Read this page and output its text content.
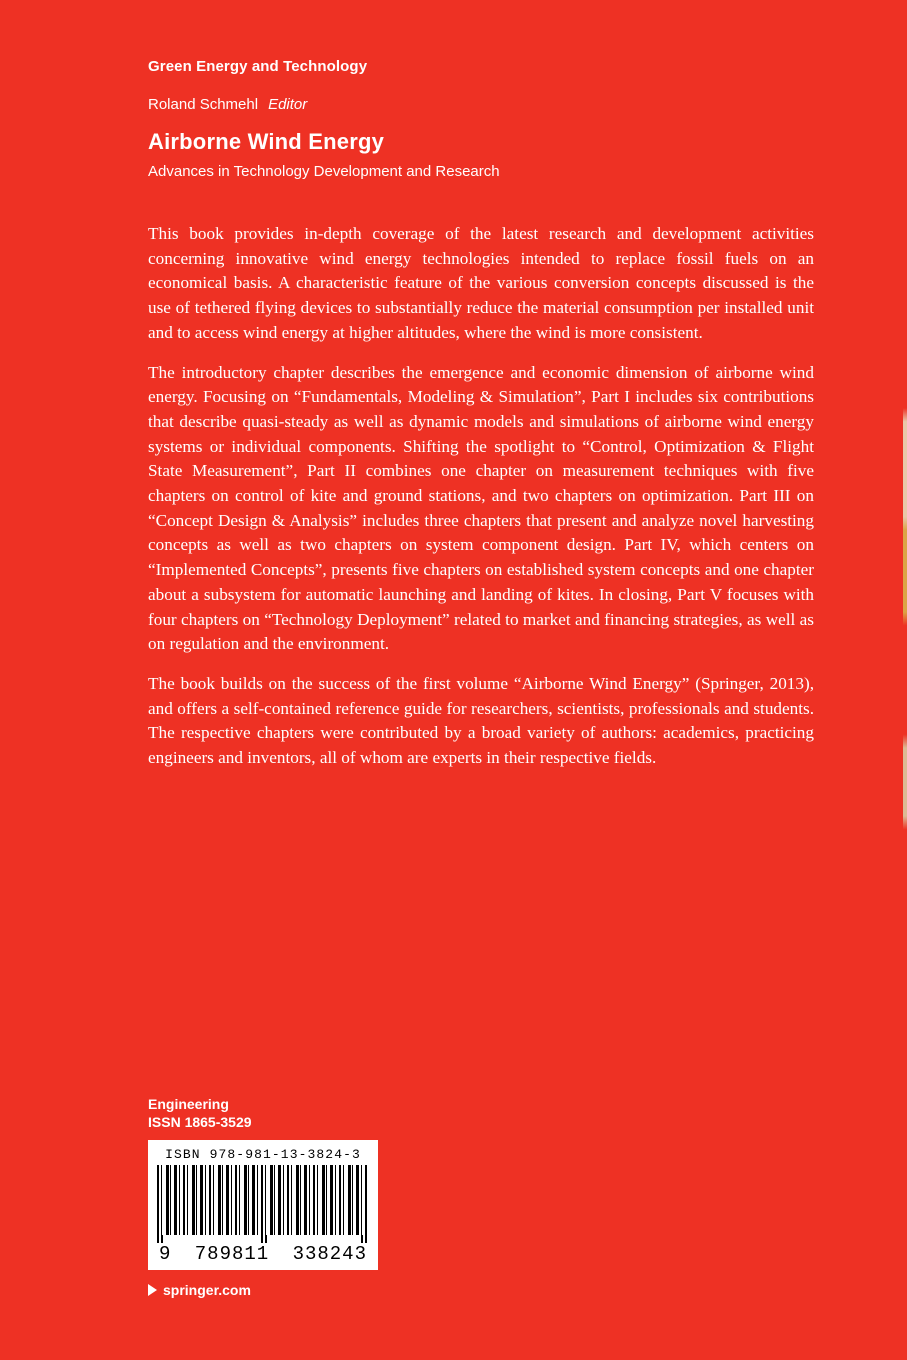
Green Energy and Technology
Roland Schmehl Editor
Airborne Wind Energy
Advances in Technology Development and Research

This book provides in-depth coverage of the latest research and development activities concerning innovative wind energy technologies intended to replace fossil fuels on an economical basis. A characteristic feature of the various conversion concepts discussed is the use of tethered flying devices to substantially reduce the material consumption per installed unit and to access wind energy at higher altitudes, where the wind is more consistent.

The introductory chapter describes the emergence and economic dimension of airborne wind energy. Focusing on “Fundamentals, Modeling & Simulation”, Part I includes six contributions that describe quasi-steady as well as dynamic models and simulations of airborne wind energy systems or individual components. Shifting the spotlight to “Control, Optimization & Flight State Measurement”, Part II combines one chapter on measurement techniques with five chapters on control of kite and ground stations, and two chapters on optimization. Part III on “Concept Design & Analysis” includes three chapters that present and analyze novel harvesting concepts as well as two chapters on system component design. Part IV, which centers on “Implemented Concepts”, presents five chapters on established system concepts and one chapter about a subsystem for automatic launching and landing of kites. In closing, Part V focuses with four chapters on “Technology Deployment” related to market and financing strategies, as well as on regulation and the environment.

The book builds on the success of the first volume “Airborne Wind Energy” (Springer, 2013), and offers a self-contained reference guide for researchers, scientists, professionals and students. The respective chapters were contributed by a broad variety of authors: academics, practicing engineers and inventors, all of whom are experts in their respective fields.

Engineering
ISSN 1865-3529
ISBN 978-981-13-3824-3
9 789811 338243
springer.com
